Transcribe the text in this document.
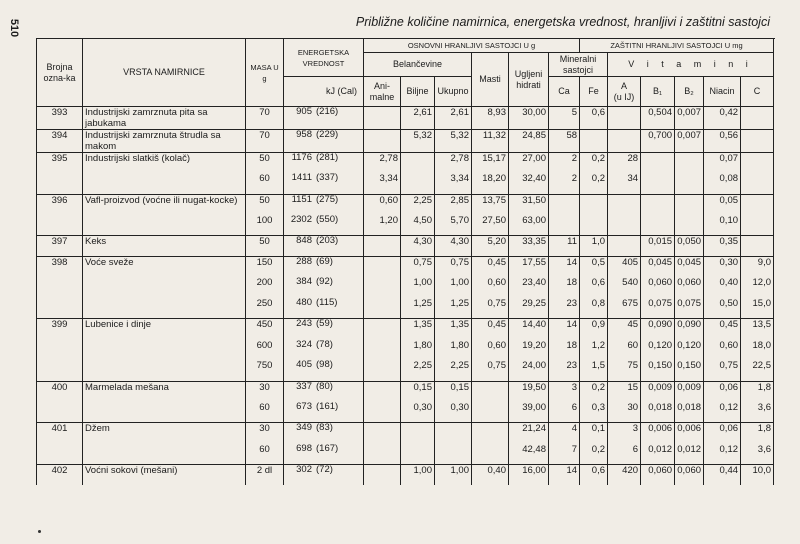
510	Približne količine namirnica, energetska vrednost, hranljivi i zaštitni sastojci
Brojna ozna-ka	VRSTA NAMIRNICE	MASA U g	ENERGETSKA VREDNOST	OSNOVNI HRANLJIVI SASTOJCI U g						ZAŠTITNI HRANLJIVI SASTOJCI U mg					
				Belančevine			Masti	Ugljeni hidrati	Mineralni sastojci		V i t a m i n i				

			kJ (Cal)	Ani-malne	Biljne	Ukupno			Ca	Fe	A
(u IJ)	B₁	B₂	Niacin	C
393	Industrijski zamrznuta pita sa jabukama	70	905 (216)		2,61	2,61	8,93	30,00	5	0,6		0,504	0,007	0,42	
394	Industrijski zamrznuta štrudla sa makom	70	958 (229)		5,32	5,32	11,32	24,85	58			0,700	0,007	0,56	
395	Industrijski slatkiš (kolač)	50	1176 (281)	2,78		2,78	15,17	27,00	2	0,2	28			0,07	
		60	1411 (337)	3,34		3,34	18,20	32,40	2	0,2	34			0,08	
396	Vafl-proizvod (voćne ili nugat-kocke)	50	1151 (275)	0,60	2,25	2,85	13,75	31,50						0,05	
		100	2302 (550)	1,20	4,50	5,70	27,50	63,00						0,10	
397	Keks	50	848 (203)		4,30	4,30	5,20	33,35	11	1,0		0,015	0,050	0,35	
398	Voće sveže	150	288 (69)		0,75	0,75	0,45	17,55	14	0,5	405	0,045	0,045	0,30	9,0
		200	384 (92)		1,00	1,00	0,60	23,40	18	0,6	540	0,060	0,060	0,40	12,0
		250	480 (115)		1,25	1,25	0,75	29,25	23	0,8	675	0,075	0,075	0,50	15,0
399	Lubenice i dinje	450	243 (59)		1,35	1,35	0,45	14,40	14	0,9	45	0,090	0,090	0,45	13,5
		600	324 (78)		1,80	1,80	0,60	19,20	18	1,2	60	0,120	0,120	0,60	18,0
		750	405 (98)		2,25	2,25	0,75	24,00	23	1,5	75	0,150	0,150	0,75	22,5
400	Marmelada mešana	30	337 (80)		0,15	0,15		19,50	3	0,2	15	0,009	0,009	0,06	1,8
		60	673 (161)		0,30	0,30		39,00	6	0,3	30	0,018	0,018	0,12	3,6
401	Džem	30	349 (83)					21,24	4	0,1	3	0,006	0,006	0,06	1,8
		60	698 (167)					42,48	7	0,2	6	0,012	0,012	0,12	3,6
402	Voćni sokovi (mešani)	2 dl	302 (72)		1,00	1,00	0,40	16,00	14	0,6	420	0,060	0,060	0,44	10,0
